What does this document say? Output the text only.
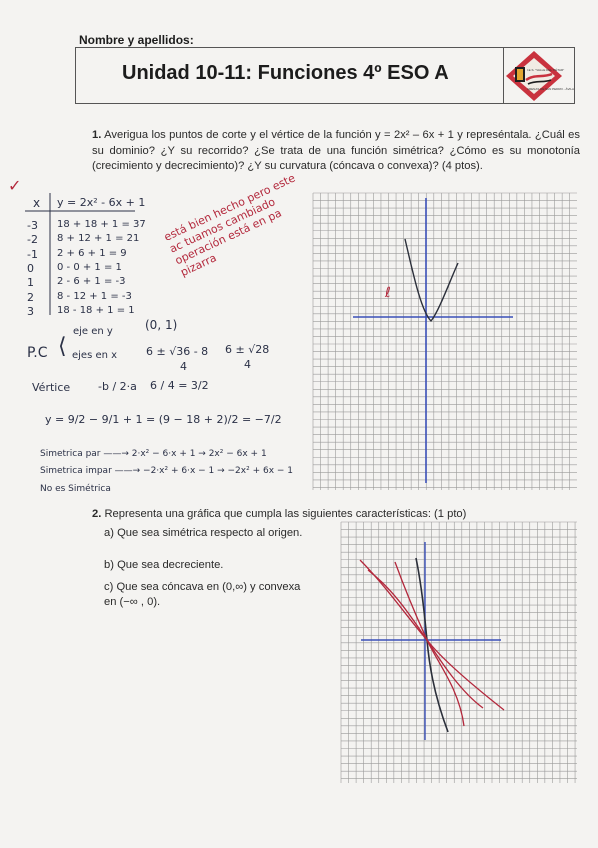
Nombre y apellidos:
Unidad 10-11: Funciones 4º ESO A	I.E.S. "VALLE DEL TIÉTAR"
ARENAS DE SAN PEDRO - ÁVILA
1. Averigua los puntos de corte y el vértice de la función y = 2x² – 6x + 1 y represéntala. ¿Cuál es su dominio? ¿Y su recorrido? ¿Se trata de una función simétrica? ¿Cómo es su monotonía (crecimiento y decrecimiento)? ¿Y su curvatura (cóncava o convexa)? (4 ptos).
2. Representa una gráfica que cumpla las siguientes características: (1 pto)
a) Que sea simétrica respecto al origen.
b) Que sea decreciente.
c) Que sea cóncava en (0,∞) y convexa en (−∞ , 0).
ℓ
✓
x y = 2x² - 6x + 1
-3 18 + 18 + 1 = 37
-2 8 + 12 + 1 = 21
-1 2 + 6 + 1 = 9
0 0 - 0 + 1 = 1
1 2 - 6 + 1 = -3
2 8 - 12 + 1 = -3
3 18 - 18 + 1 = 1
P.C ⟨
eje en y	(0, 1)
ejes en x	6 ± √36 - 8
4
6 ± √28
4
Vértice	-b / 2·a 6 / 4 = 3/2
y = 9/2 − 9/1 + 1 = (9 − 18 + 2)/2 = −7/2
Simetrica par ——→ 2·x² − 6·x + 1 → 2x² − 6x + 1
Simetrica impar ——→ −2·x² + 6·x − 1 → −2x² + 6x − 1
No es Simétrica
está bien hecho pero este ac tuamos cambiado operación está en pa pizarra
